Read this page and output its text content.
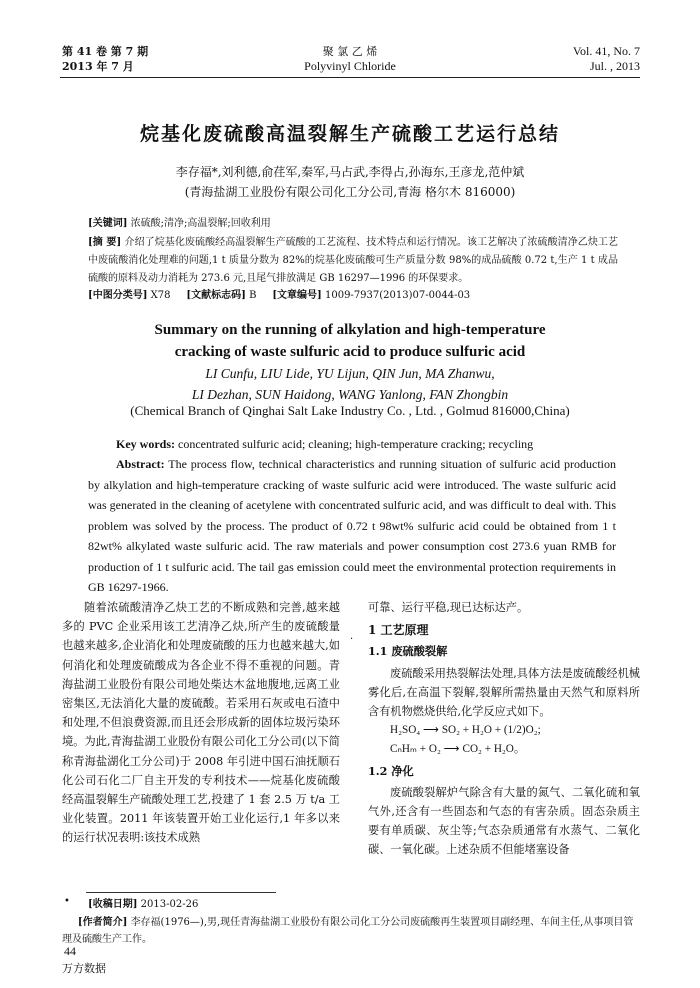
第 41 卷 第 7 期
2013 年 7 月
聚 氯 乙 烯
Polyvinyl Chloride
Vol. 41, No. 7
Jul. , 2013
烷基化废硫酸高温裂解生产硫酸工艺运行总结
李存福*,刘利德,俞荏军,秦军,马占武,李得占,孙海东,王彦龙,范仲斌
(青海盐湖工业股份有限公司化工分公司,青海 格尔木 816000)
[关键词] 浓硫酸;清净;高温裂解;回收利用
[摘 要] 介绍了烷基化废硫酸经高温裂解生产硫酸的工艺流程、技术特点和运行情况。该工艺解决了浓硫酸清净乙炔工艺中废硫酸消化处理难的问题,1 t 质量分数为 82%的烷基化废硫酸可生产质量分数 98%的成品硫酸 0.72 t,生产 1 t 成品硫酸的原料及动力消耗为 273.6 元,且尾气排放满足 GB 16297—1996 的环保要求。
[中图分类号] X78 [文献标志码] B [文章编号] 1009-7937(2013)07-0044-03
Summary on the running of alkylation and high-temperature
cracking of waste sulfuric acid to produce sulfuric acid
LI Cunfu, LIU Lide, YU Lijun, QIN Jun, MA Zhanwu,
LI Dezhan, SUN Haidong, WANG Yanlong, FAN Zhongbin
(Chemical Branch of Qinghai Salt Lake Industry Co. , Ltd. , Golmud 816000,China)
Key words: concentrated sulfuric acid; cleaning; high-temperature cracking; recycling
Abstract: The process flow, technical characteristics and running situation of sulfuric acid production by alkylation and high-temperature cracking of waste sulfuric acid were introduced. The waste sulfuric acid was generated in the cleaning of acetylene with concentrated sulfuric acid, and was difficult to deal with. This problem was solved by the process. The product of 0.72 t 98wt% sulfuric acid could be obtained from 1 t 82wt% alkylated waste sulfuric acid. The raw materials and power consumption cost 273.6 yuan RMB for production of 1 t sulfuric acid. The tail gas emission could meet the environmental protection requirements in GB 16297-1966.
随着浓硫酸清净乙炔工艺的不断成熟和完善,越来越多的 PVC 企业采用该工艺清净乙炔,所产生的废硫酸量也越来越多,企业消化和处理废硫酸的压力也越来越大,如何消化和处理废硫酸成为各企业不得不重视的问题。青海盐湖工业股份有限公司地处柴达木盆地腹地,远离工业密集区,无法消化大量的废硫酸。若采用石灰或电石渣中和处理,不但浪费资源,而且还会形成新的固体垃圾污染环境。为此,青海盐湖工业股份有限公司化工分公司(以下简称青海盐湖化工分公司)于 2008 年引进中国石油抚顺石化公司石化二厂自主开发的专利技术——烷基化废硫酸经高温裂解生产硫酸处理工艺,投建了 1 套 2.5 万 t/a 工业化装置。2011 年该装置开始工业化运行,1 年多以来的运行状况表明:该技术成熟
·
可靠、运行平稳,现已达标达产。
1 工艺原理
1.1 废硫酸裂解
废硫酸采用热裂解法处理,具体方法是废硫酸经机械雾化后,在高温下裂解,裂解所需热量由天然气和原料所含有机物燃烧供给,化学反应式如下。
H₂SO₄ ⟶ SO₂ + H₂O + (1/2)O₂;
CₙHₘ + O₂ ⟶ CO₂ + H₂O。
1.2 净化
废硫酸裂解炉气除含有大量的氮气、二氧化硫和氧气外,还含有一些固态和气态的有害杂质。固态杂质主要有单质碳、灰尘等;气态杂质通常有水蒸气、二氧化碳、一氧化碳。上述杂质不但能堵塞设备
• [收稿日期] 2013-02-26
[作者简介] 李存福(1976—),男,现任青海盐湖工业股份有限公司化工分公司废硫酸再生装置项目副经理、车间主任,从事项目管理及硫酸生产工作。
44
万方数据
